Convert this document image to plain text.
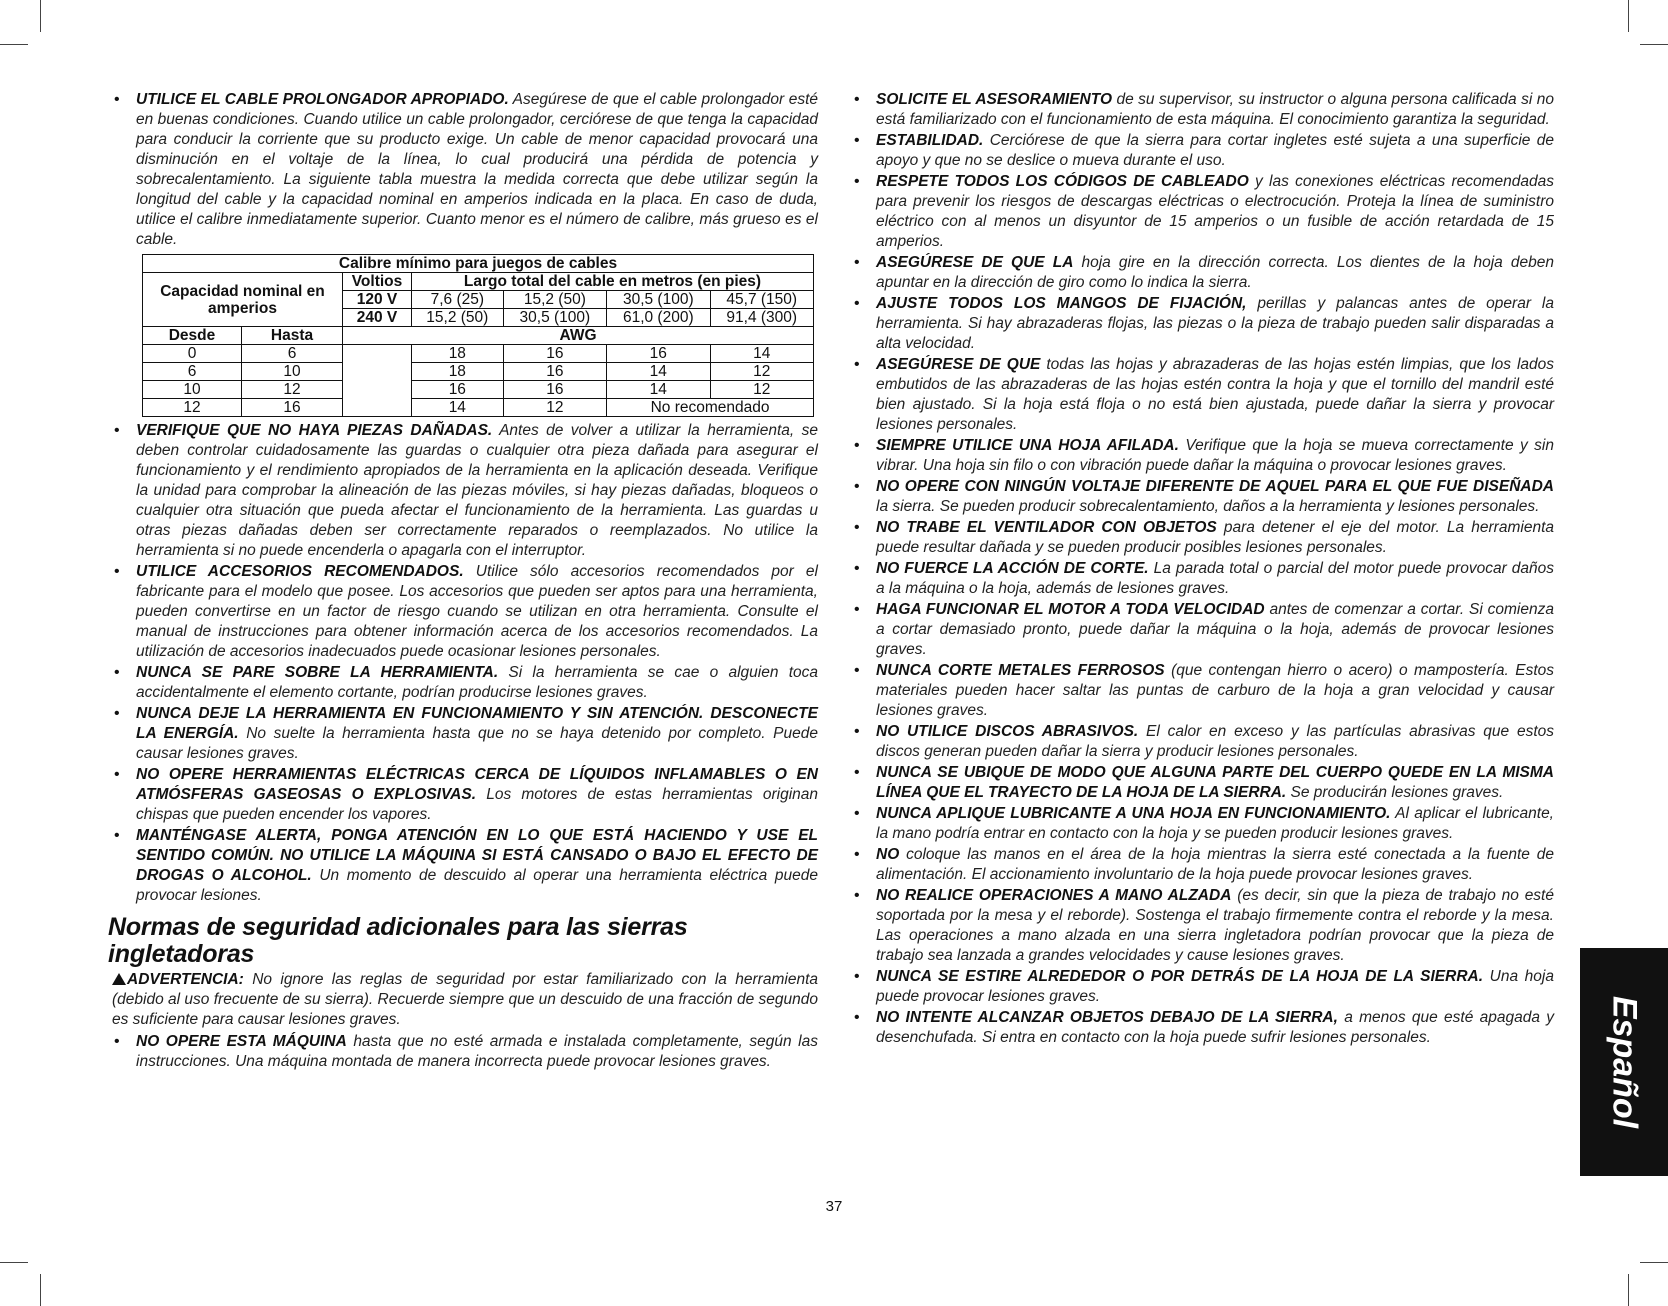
• UTILICE EL CABLE PROLONGADOR APROPIADO. Asegúrese de que el cable prolongador esté en buenas condiciones. Cuando utilice un cable prolongador, cerciórese de que tenga la capacidad para conducir la corriente que su producto exige. Un cable de menor capacidad provocará una disminución en el voltaje de la línea, lo cual producirá una pérdida de potencia y sobrecalentamiento. La siguiente tabla muestra la medida correcta que debe utilizar según la longitud del cable y la capacidad nominal en amperios indicada en la placa. En caso de duda, utilice el calibre inmediatamente superior. Cuanto menor es el número de calibre, más grueso es el cable.
Calibre mínimo para juegos de cables						
Capacidad nominal en amperios		Voltios	Largo total del cable en metros (en pies)			
		120 V	7,6 (25)	15,2 (50)	30,5 (100)	45,7 (150)
		240 V	15,2 (50)	30,5 (100)	61,0 (200)	91,4 (300)
Desde	Hasta	AWG				
0	6		18	16	16	14
6	10		18	16	14	12
10	12		16	16	14	12
12	16		14	12	No recomendado	
• VERIFIQUE QUE NO HAYA PIEZAS DAÑADAS. Antes de volver a utilizar la herramienta, se deben controlar cuidadosamente las guardas o cualquier otra pieza dañada para asegurar el funcionamiento y el rendimiento apropiados de la herramienta en la aplicación deseada. Verifique la unidad para comprobar la alineación de las piezas móviles, si hay piezas dañadas, bloqueos o cualquier otra situación que pueda afectar el funcionamiento de la herramienta. Las guardas u otras piezas dañadas deben ser correctamente reparados o reemplazados. No utilice la herramienta si no puede encenderla o apagarla con el interruptor.
• UTILICE ACCESORIOS RECOMENDADOS. Utilice sólo accesorios recomendados por el fabricante para el modelo que posee. Los accesorios que pueden ser aptos para una herramienta, pueden convertirse en un factor de riesgo cuando se utilizan en otra herramienta. Consulte el manual de instrucciones para obtener información acerca de los accesorios recomendados. La utilización de accesorios inadecuados puede ocasionar lesiones personales.
• NUNCA SE PARE SOBRE LA HERRAMIENTA. Si la herramienta se cae o alguien toca accidentalmente el elemento cortante, podrían producirse lesiones graves.
• NUNCA DEJE LA HERRAMIENTA EN FUNCIONAMIENTO Y SIN ATENCIÓN. DESCONECTE LA ENERGÍA. No suelte la herramienta hasta que no se haya detenido por completo. Puede causar lesiones graves.
• NO OPERE HERRAMIENTAS ELÉCTRICAS CERCA DE LÍQUIDOS INFLAMABLES O EN ATMÓSFERAS GASEOSAS O EXPLOSIVAS. Los motores de estas herramientas originan chispas que pueden encender los vapores.
• MANTÉNGASE ALERTA, PONGA ATENCIÓN EN LO QUE ESTÁ HACIENDO Y USE EL SENTIDO COMÚN. NO UTILICE LA MÁQUINA SI ESTÁ CANSADO O BAJO EL EFECTO DE DROGAS O ALCOHOL. Un momento de descuido al operar una herramienta eléctrica puede provocar lesiones.
Normas de seguridad adicionales para las sierras ingletadoras

ADVERTENCIA: No ignore las reglas de seguridad por estar familiarizado con la herramienta (debido al uso frecuente de su sierra). Recuerde siempre que un descuido de una fracción de segundo es suficiente para causar lesiones graves.

• NO OPERE ESTA MÁQUINA hasta que no esté armada e instalada completamente, según las instrucciones. Una máquina montada de manera incorrecta puede provocar lesiones graves.
• SOLICITE EL ASESORAMIENTO de su supervisor, su instructor o alguna persona calificada si no está familiarizado con el funcionamiento de esta máquina. El conocimiento garantiza la seguridad.
• ESTABILIDAD. Cerciórese de que la sierra para cortar ingletes esté sujeta a una superficie de apoyo y que no se deslice o mueva durante el uso.
• RESPETE TODOS LOS CÓDIGOS DE CABLEADO y las conexiones eléctricas recomendadas para prevenir los riesgos de descargas eléctricas o electrocución. Proteja la línea de suministro eléctrico con al menos un disyuntor de 15 amperios o un fusible de acción retardada de 15 amperios.
• ASEGÚRESE DE QUE LA hoja gire en la dirección correcta. Los dientes de la hoja deben apuntar en la dirección de giro como lo indica la sierra.
• AJUSTE TODOS LOS MANGOS DE FIJACIÓN, perillas y palancas antes de operar la herramienta. Si hay abrazaderas flojas, las piezas o la pieza de trabajo pueden salir disparadas a alta velocidad.
• ASEGÚRESE DE QUE todas las hojas y abrazaderas de las hojas estén limpias, que los lados embutidos de las abrazaderas de las hojas estén contra la hoja y que el tornillo del mandril esté bien ajustado. Si la hoja está floja o no está bien ajustada, puede dañar la sierra y provocar lesiones personales.
• SIEMPRE UTILICE UNA HOJA AFILADA. Verifique que la hoja se mueva correctamente y sin vibrar. Una hoja sin filo o con vibración puede dañar la máquina o provocar lesiones graves.
• NO OPERE CON NINGÚN VOLTAJE DIFERENTE DE AQUEL PARA EL QUE FUE DISEÑADA la sierra. Se pueden producir sobrecalentamiento, daños a la herramienta y lesiones personales.
• NO TRABE EL VENTILADOR CON OBJETOS para detener el eje del motor. La herramienta puede resultar dañada y se pueden producir posibles lesiones personales.
• NO FUERCE LA ACCIÓN DE CORTE. La parada total o parcial del motor puede provocar daños a la máquina o la hoja, además de lesiones graves.
• HAGA FUNCIONAR EL MOTOR A TODA VELOCIDAD antes de comenzar a cortar. Si comienza a cortar demasiado pronto, puede dañar la máquina o la hoja, además de provocar lesiones graves.
• NUNCA CORTE METALES FERROSOS (que contengan hierro o acero) o mampostería. Estos materiales pueden hacer saltar las puntas de carburo de la hoja a gran velocidad y causar lesiones graves.
• NO UTILICE DISCOS ABRASIVOS. El calor en exceso y las partículas abrasivas que estos discos generan pueden dañar la sierra y producir lesiones personales.
• NUNCA SE UBIQUE DE MODO QUE ALGUNA PARTE DEL CUERPO QUEDE EN LA MISMA LÍNEA QUE EL TRAYECTO DE LA HOJA DE LA SIERRA. Se producirán lesiones graves.
• NUNCA APLIQUE LUBRICANTE A UNA HOJA EN FUNCIONAMIENTO. Al aplicar el lubricante, la mano podría entrar en contacto con la hoja y se pueden producir lesiones graves.
• NO coloque las manos en el área de la hoja mientras la sierra esté conectada a la fuente de alimentación. El accionamiento involuntario de la hoja puede provocar lesiones graves.
• NO REALICE OPERACIONES A MANO ALZADA (es decir, sin que la pieza de trabajo no esté soportada por la mesa y el reborde). Sostenga el trabajo firmemente contra el reborde y la mesa. Las operaciones a mano alzada en una sierra ingletadora podrían provocar que la pieza de trabajo sea lanzada a grandes velocidades y cause lesiones graves.
• NUNCA SE ESTIRE ALREDEDOR O POR DETRÁS DE LA HOJA DE LA SIERRA. Una hoja puede provocar lesiones graves.
• NO INTENTE ALCANZAR OBJETOS DEBAJO DE LA SIERRA, a menos que esté apagada y desenchufada. Si entra en contacto con la hoja puede sufrir lesiones personales.	Español
37
